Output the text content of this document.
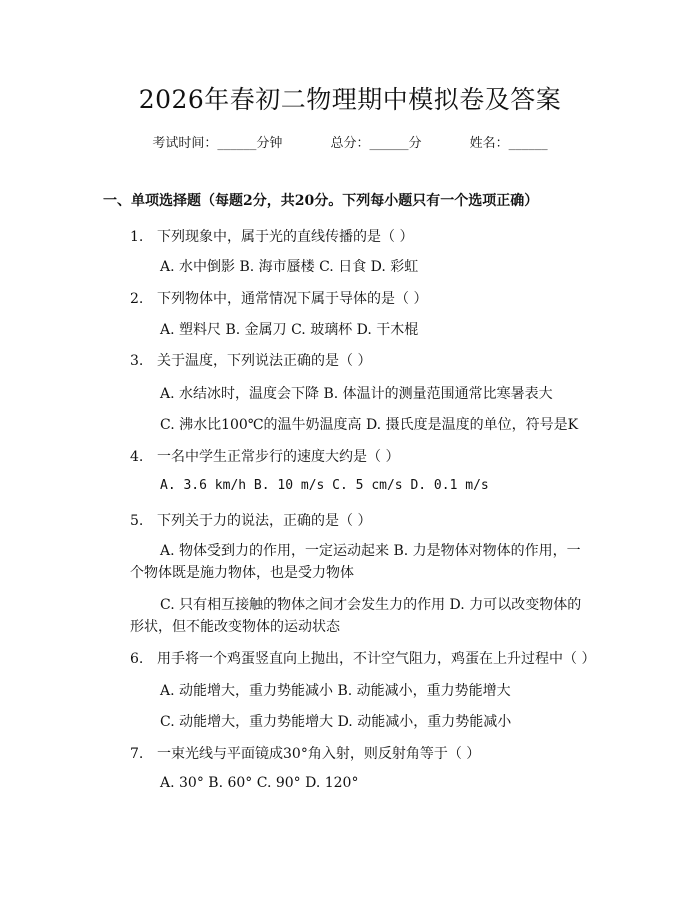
2026年春初二物理期中模拟卷及答案
考试时间：______分钟	总分：______分	姓名：______
一、单项选择题（每题2分，共20分。下列每小题只有一个选项正确）
1. 下列现象中，属于光的直线传播的是（ ）
A. 水中倒影 B. 海市蜃楼 C. 日食 D. 彩虹
2. 下列物体中，通常情况下属于导体的是（ ）
A. 塑料尺 B. 金属刀 C. 玻璃杯 D. 干木棍
3. 关于温度，下列说法正确的是（ ）
A. 水结冰时，温度会下降 B. 体温计的测量范围通常比寒暑表大
C. 沸水比100℃的温牛奶温度高 D. 摄氏度是温度的单位，符号是K
4. 一名中学生正常步行的速度大约是（ ）
A. 3.6 km/h B. 10 m/s C. 5 cm/s D. 0.1 m/s
5. 下列关于力的说法，正确的是（ ）
A. 物体受到力的作用，一定运动起来 B. 力是物体对物体的作用，一个物体既是施力物体，也是受力物体
C. 只有相互接触的物体之间才会发生力的作用 D. 力可以改变物体的形状，但不能改变物体的运动状态
6. 用手将一个鸡蛋竖直向上抛出，不计空气阻力，鸡蛋在上升过程中（ ）
A. 动能增大，重力势能减小 B. 动能减小，重力势能增大
C. 动能增大，重力势能增大 D. 动能减小，重力势能减小
7. 一束光线与平面镜成30°角入射，则反射角等于（ ）
A. 30° B. 60° C. 90° D. 120°
